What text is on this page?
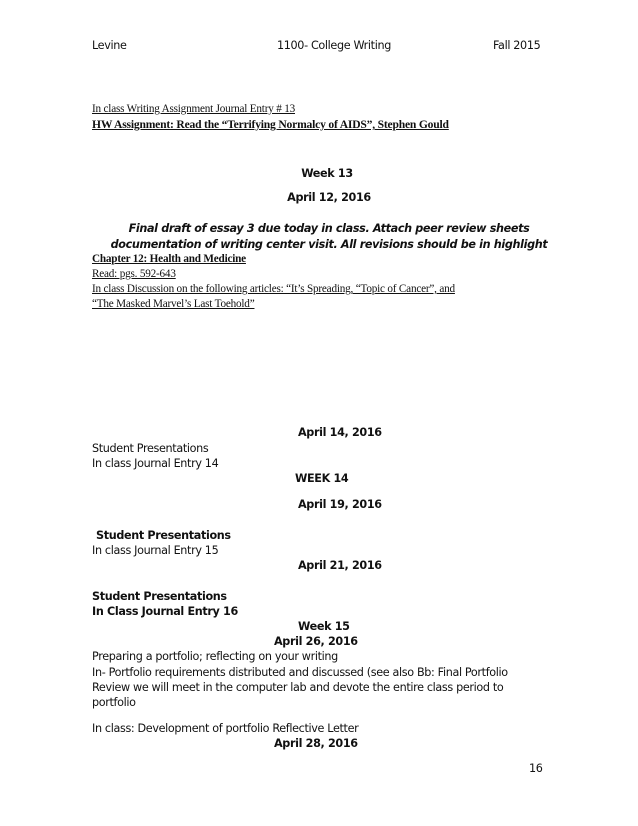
Levine	1100- College Writing	Fall 2015
In class Writing Assignment Journal Entry # 13
HW Assignment: Read the “Terrifying Normalcy of AIDS”, Stephen Gould
Week 13
April 12, 2016
Final draft of essay 3 due today in class. Attach peer review sheets
documentation of writing center visit. All revisions should be in highlight
Chapter 12: Health and Medicine
Read: pgs. 592-643
In class Discussion on the following articles: “It’s Spreading, “Topic of Cancer”, and
“The Masked Marvel’s Last Toehold”
April 14, 2016
Student Presentations
In class Journal Entry 14
WEEK 14
April 19, 2016
Student Presentations
In class Journal Entry 15
April 21, 2016
Student Presentations
In Class Journal Entry 16
Week 15
April 26, 2016
Preparing a portfolio; reflecting on your writing
In- Portfolio requirements distributed and discussed (see also Bb: Final Portfolio
Review we will meet in the computer lab and devote the entire class period to
portfolio
In class: Development of portfolio Reflective Letter
April 28, 2016
16
